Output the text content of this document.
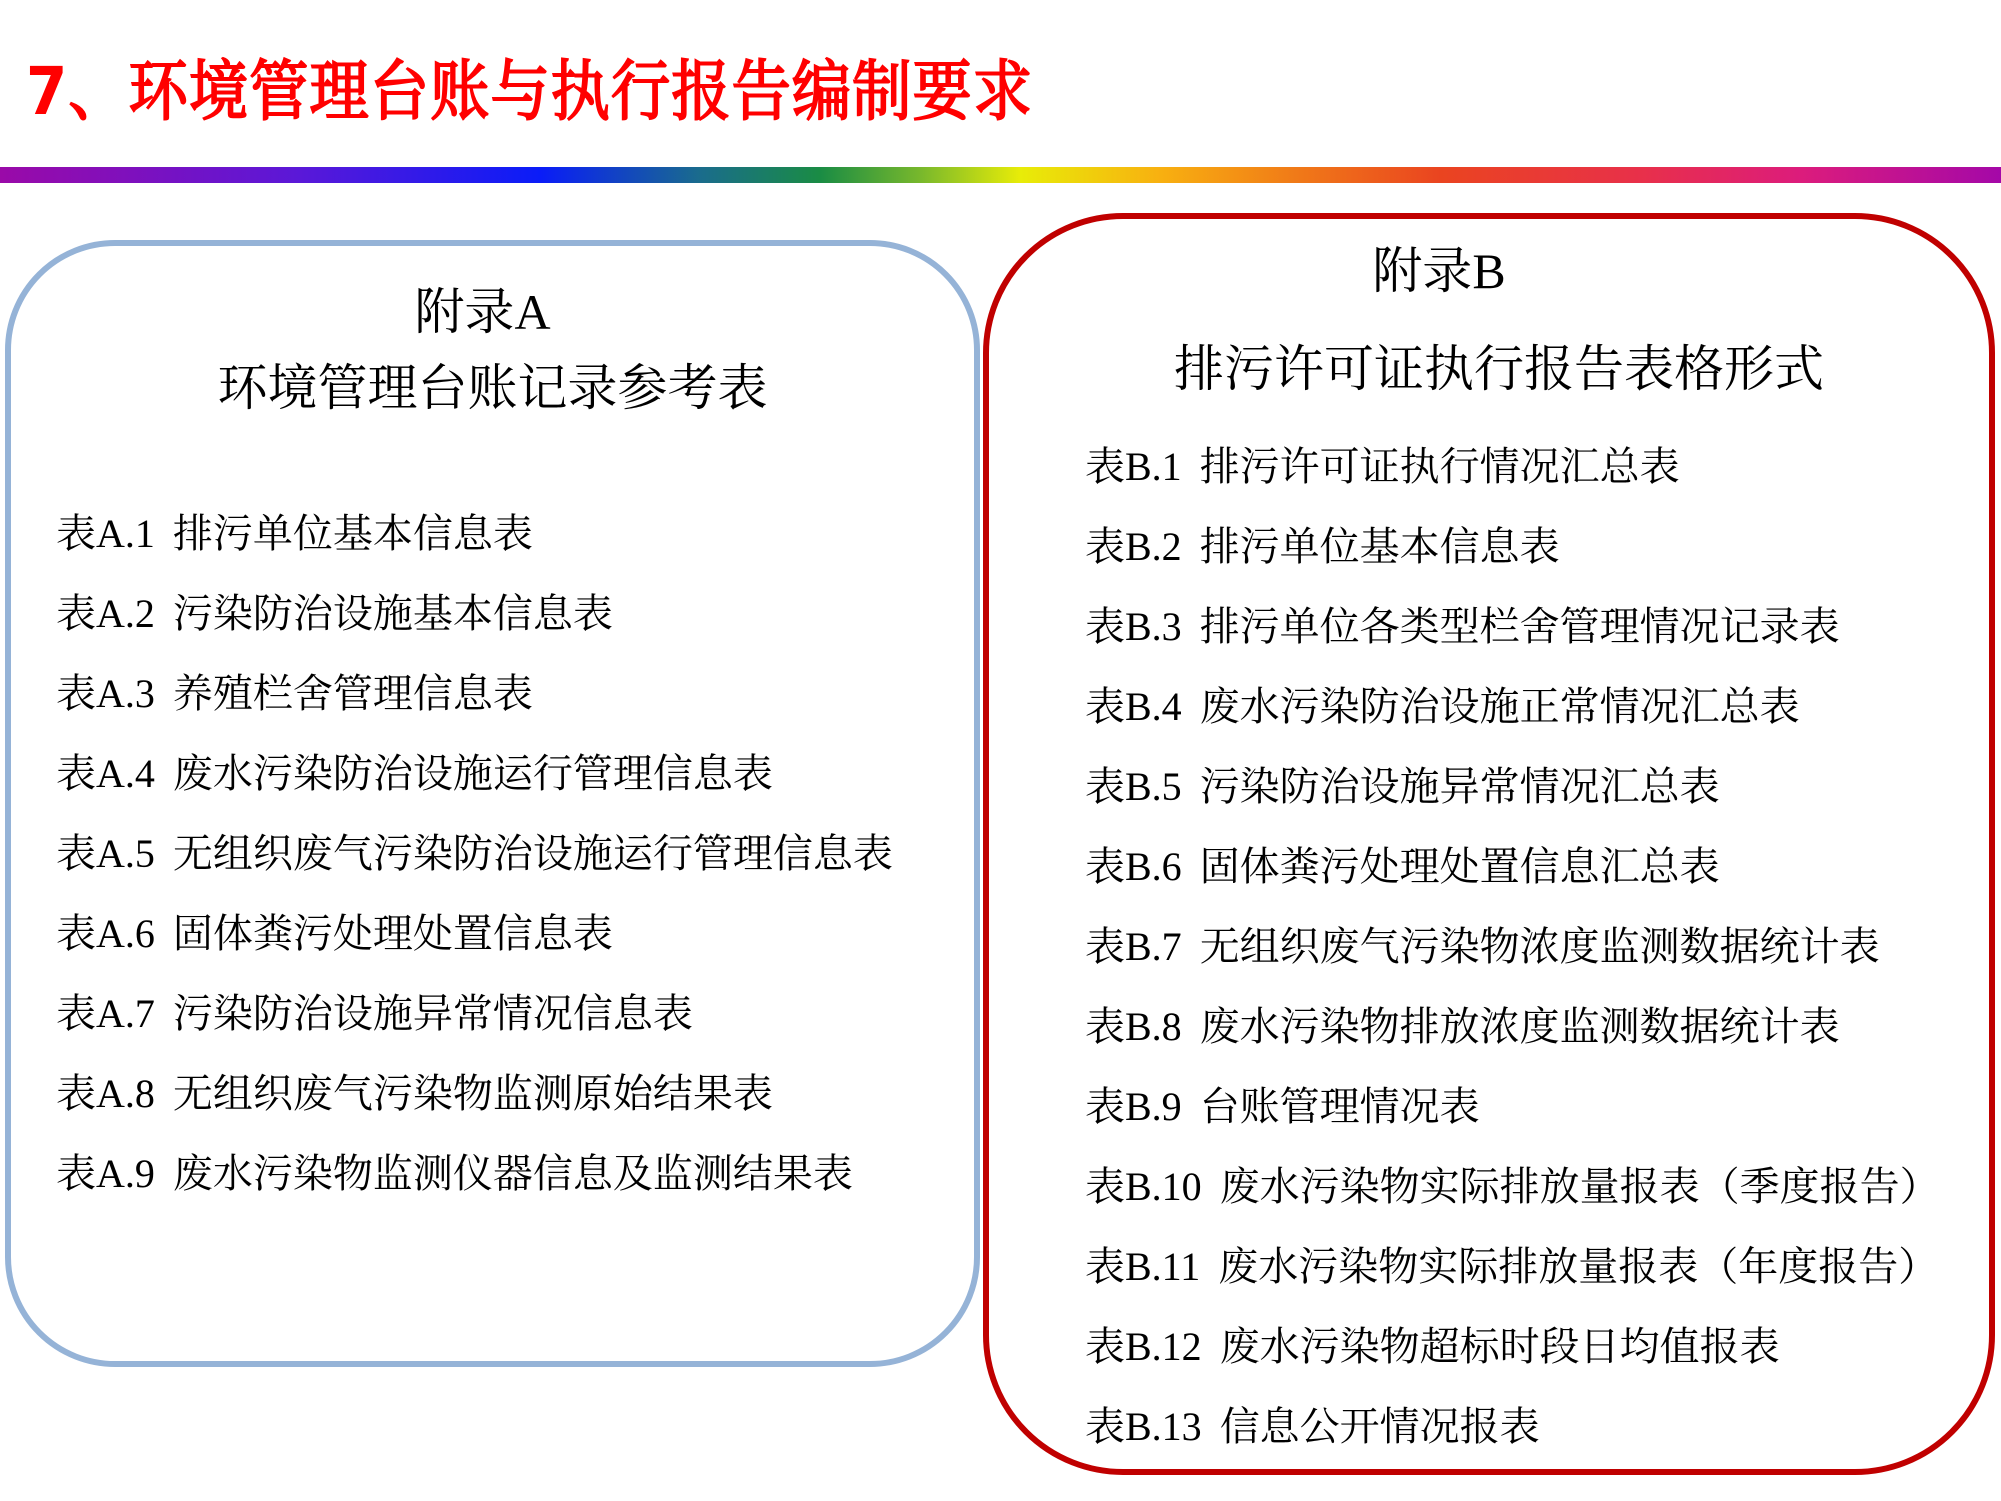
7、环境管理台账与执行报告编制要求
附录A
环境管理台账记录参考表
表A.1 排污单位基本信息表
表A.2 污染防治设施基本信息表
表A.3 养殖栏舍管理信息表
表A.4 废水污染防治设施运行管理信息表
表A.5 无组织废气污染防治设施运行管理信息表
表A.6 固体粪污处理处置信息表
表A.7 污染防治设施异常情况信息表
表A.8 无组织废气污染物监测原始结果表
表A.9 废水污染物监测仪器信息及监测结果表
附录B
排污许可证执行报告表格形式
表B.1 排污许可证执行情况汇总表
表B.2 排污单位基本信息表
表B.3 排污单位各类型栏舍管理情况记录表
表B.4 废水污染防治设施正常情况汇总表
表B.5 污染防治设施异常情况汇总表
表B.6 固体粪污处理处置信息汇总表
表B.7 无组织废气污染物浓度监测数据统计表
表B.8 废水污染物排放浓度监测数据统计表
表B.9 台账管理情况表
表B.10 废水污染物实际排放量报表（季度报告）
表B.11 废水污染物实际排放量报表（年度报告）
表B.12 废水污染物超标时段日均值报表
表B.13 信息公开情况报表
